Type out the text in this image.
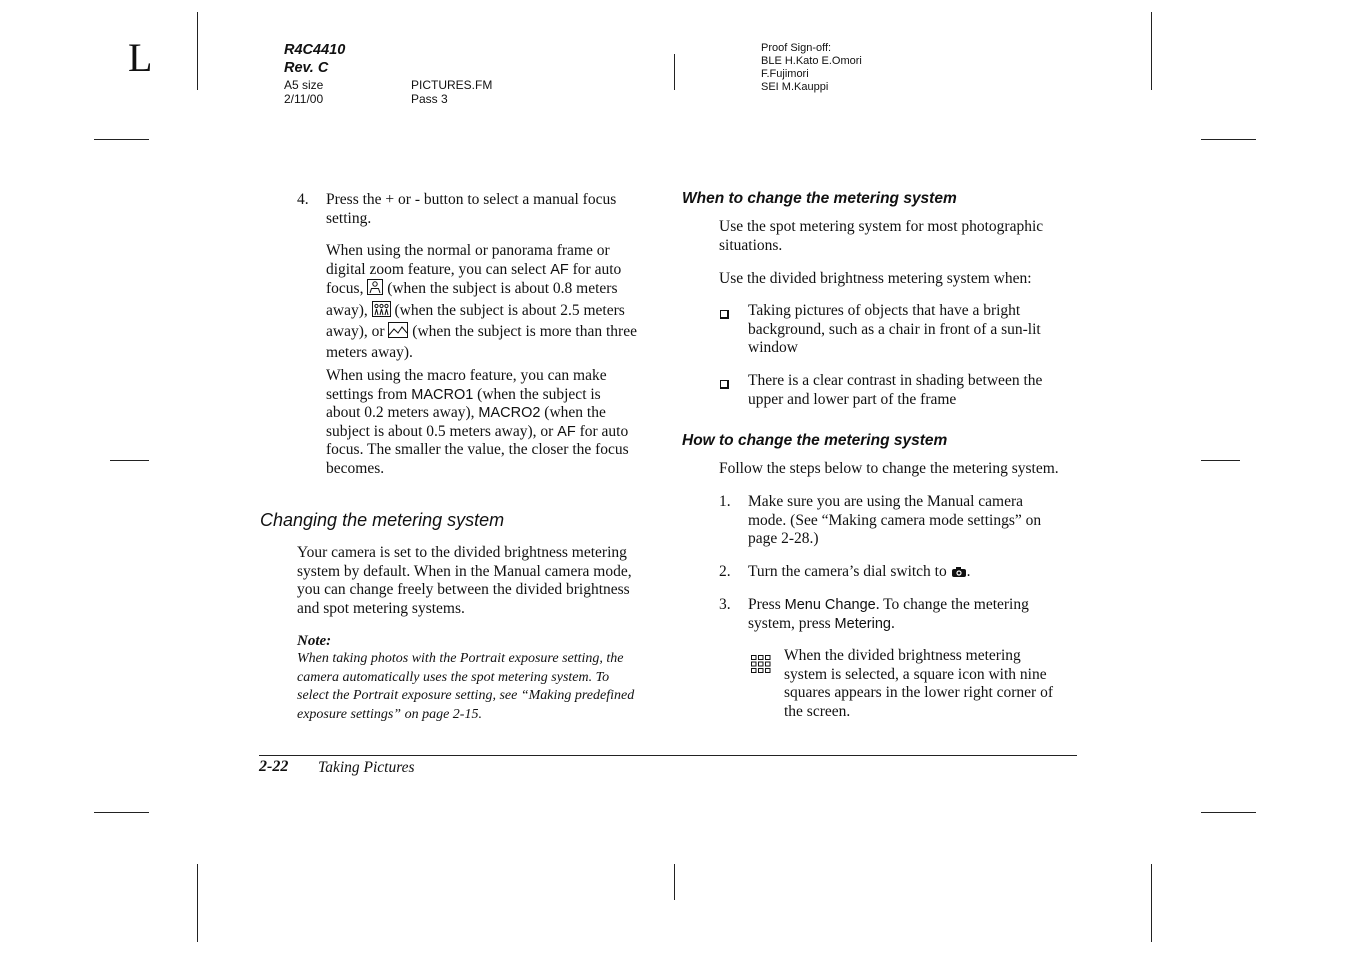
L	R4C4410
Rev. C
A5 size
2/11/00
PICTURES.FM
Pass 3
Proof Sign-off:
BLE H.Kato E.Omori
F.Fujimori
SEI M.Kauppi
4. Press the + or - button to select a manual focus
setting.
When using the normal or panorama frame or
digital zoom feature, you can select AF for auto
focus,  (when the subject is about 0.8 meters
away),  (when the subject is about 2.5 meters
away), or  (when the subject is more than three
meters away).
When using the macro feature, you can make
settings from MACRO1 (when the subject is
about 0.2 meters away), MACRO2 (when the
subject is about 0.5 meters away), or AF for auto
focus. The smaller the value, the closer the focus
becomes.
Changing the metering system
Your camera is set to the divided brightness metering
system by default. When in the Manual camera mode,
you can change freely between the divided brightness
and spot metering systems.
Note:
When taking photos with the Portrait exposure setting, the
camera automatically uses the spot metering system. To
select the Portrait exposure setting, see “Making predefined
exposure settings” on page 2-15.
When to change the metering system
Use the spot metering system for most photographic
situations.
Use the divided brightness metering system when:
Taking pictures of objects that have a bright
background, such as a chair in front of a sun-lit
window
There is a clear contrast in shading between the
upper and lower part of the frame
How to change the metering system
Follow the steps below to change the metering system.
1. Make sure you are using the Manual camera
mode. (See “Making camera mode settings” on
page 2-28.)
2. Turn the camera’s dial switch to .
3. Press Menu Change. To change the metering
system, press Metering.
When the divided brightness metering
system is selected, a square icon with nine
squares appears in the lower right corner of
the screen.
2-22 Taking Pictures
